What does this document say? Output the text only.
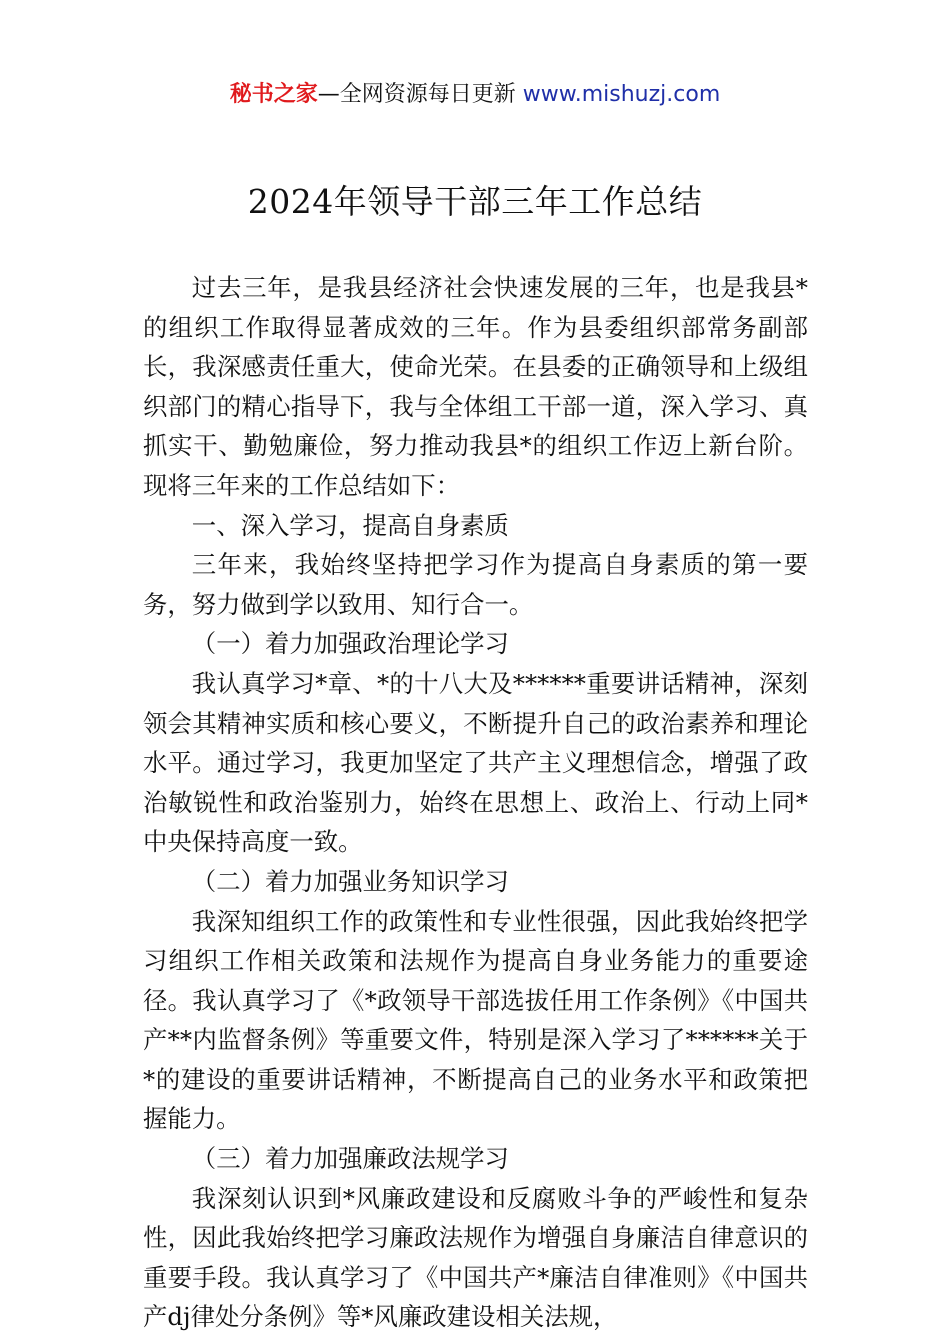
秘书之家—全网资源每日更新 www.mishuzj.com
2024年领导干部三年工作总结

过去三年，是我县经济社会快速发展的三年，也是我县*的组织工作取得显著成效的三年。作为县委组织部常务副部长，我深感责任重大，使命光荣。在县委的正确领导和上级组织部门的精心指导下，我与全体组工干部一道，深入学习、真抓实干、勤勉廉俭，努力推动我县*的组织工作迈上新台阶。现将三年来的工作总结如下：

一、深入学习，提高自身素质

三年来，我始终坚持把学习作为提高自身素质的第一要务，努力做到学以致用、知行合一。

（一）着力加强政治理论学习

我认真学习*章、*的十八大及******重要讲话精神，深刻领会其精神实质和核心要义，不断提升自己的政治素养和理论水平。通过学习，我更加坚定了共产主义理想信念，增强了政治敏锐性和政治鉴别力，始终在思想上、政治上、行动上同*中央保持高度一致。

（二）着力加强业务知识学习

我深知组织工作的政策性和专业性很强，因此我始终把学习组织工作相关政策和法规作为提高自身业务能力的重要途径。我认真学习了《*政领导干部选拔任用工作条例》《中国共产**内监督条例》等重要文件，特别是深入学习了******关于*的建设的重要讲话精神，不断提高自己的业务水平和政策把握能力。

（三）着力加强廉政法规学习

我深刻认识到*风廉政建设和反腐败斗争的严峻性和复杂性，因此我始终把学习廉政法规作为增强自身廉洁自律意识的重要手段。我认真学习了《中国共产*廉洁自律准则》《中国共产dj律处分条例》等*风廉政建设相关法规，
